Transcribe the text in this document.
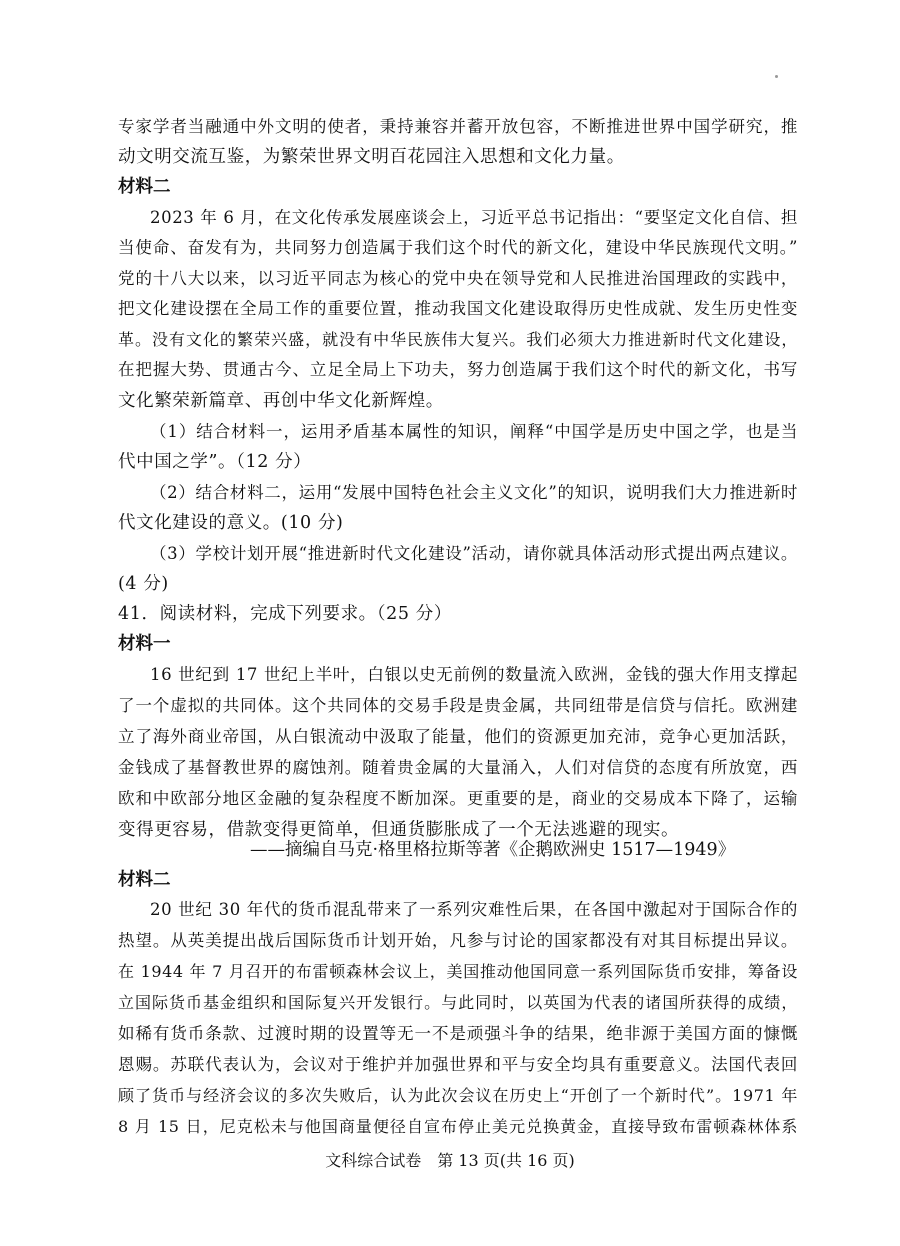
专家学者当融通中外文明的使者，秉持兼容并蓄开放包容，不断推进世界中国学研究，推
动文明交流互鉴，为繁荣世界文明百花园注入思想和文化力量。
材料二
2023 年 6 月，在文化传承发展座谈会上，习近平总书记指出：“要坚定文化自信、担
当使命、奋发有为，共同努力创造属于我们这个时代的新文化，建设中华民族现代文明。”
党的十八大以来，以习近平同志为核心的党中央在领导党和人民推进治国理政的实践中，
把文化建设摆在全局工作的重要位置，推动我国文化建设取得历史性成就、发生历史性变
革。没有文化的繁荣兴盛，就没有中华民族伟大复兴。我们必须大力推进新时代文化建设，
在把握大势、贯通古今、立足全局上下功夫，努力创造属于我们这个时代的新文化，书写
文化繁荣新篇章、再创中华文化新辉煌。
（1）结合材料一，运用矛盾基本属性的知识，阐释“中国学是历史中国之学，也是当
代中国之学”。（12 分）
（2）结合材料二，运用“发展中国特色社会主义文化”的知识，说明我们大力推进新时
代文化建设的意义。(10 分)
（3）学校计划开展“推进新时代文化建设”活动，请你就具体活动形式提出两点建议。
(4 分)
41．阅读材料，完成下列要求。（25 分）
材料一
16 世纪到 17 世纪上半叶，白银以史无前例的数量流入欧洲，金钱的强大作用支撑起
了一个虚拟的共同体。这个共同体的交易手段是贵金属，共同纽带是信贷与信托。欧洲建
立了海外商业帝国，从白银流动中汲取了能量，他们的资源更加充沛，竞争心更加活跃，
金钱成了基督教世界的腐蚀剂。随着贵金属的大量涌入，人们对信贷的态度有所放宽，西
欧和中欧部分地区金融的复杂程度不断加深。更重要的是，商业的交易成本下降了，运输
变得更容易，借款变得更简单，但通货膨胀成了一个无法逃避的现实。
——摘编自马克·格里格拉斯等著《企鹅欧洲史 1517—1949》
材料二
20 世纪 30 年代的货币混乱带来了一系列灾难性后果，在各国中激起对于国际合作的
热望。从英美提出战后国际货币计划开始，凡参与讨论的国家都没有对其目标提出异议。
在 1944 年 7 月召开的布雷顿森林会议上，美国推动他国同意一系列国际货币安排，筹备设
立国际货币基金组织和国际复兴开发银行。与此同时，以英国为代表的诸国所获得的成绩，
如稀有货币条款、过渡时期的设置等无一不是顽强斗争的结果，绝非源于美国方面的慷慨
恩赐。苏联代表认为，会议对于维护并加强世界和平与安全均具有重要意义。法国代表回
顾了货币与经济会议的多次失败后，认为此次会议在历史上“开创了一个新时代”。1971 年
8 月 15 日，尼克松未与他国商量便径自宣布停止美元兑换黄金，直接导致布雷顿森林体系
文科综合试卷　第 13 页(共 16 页)
